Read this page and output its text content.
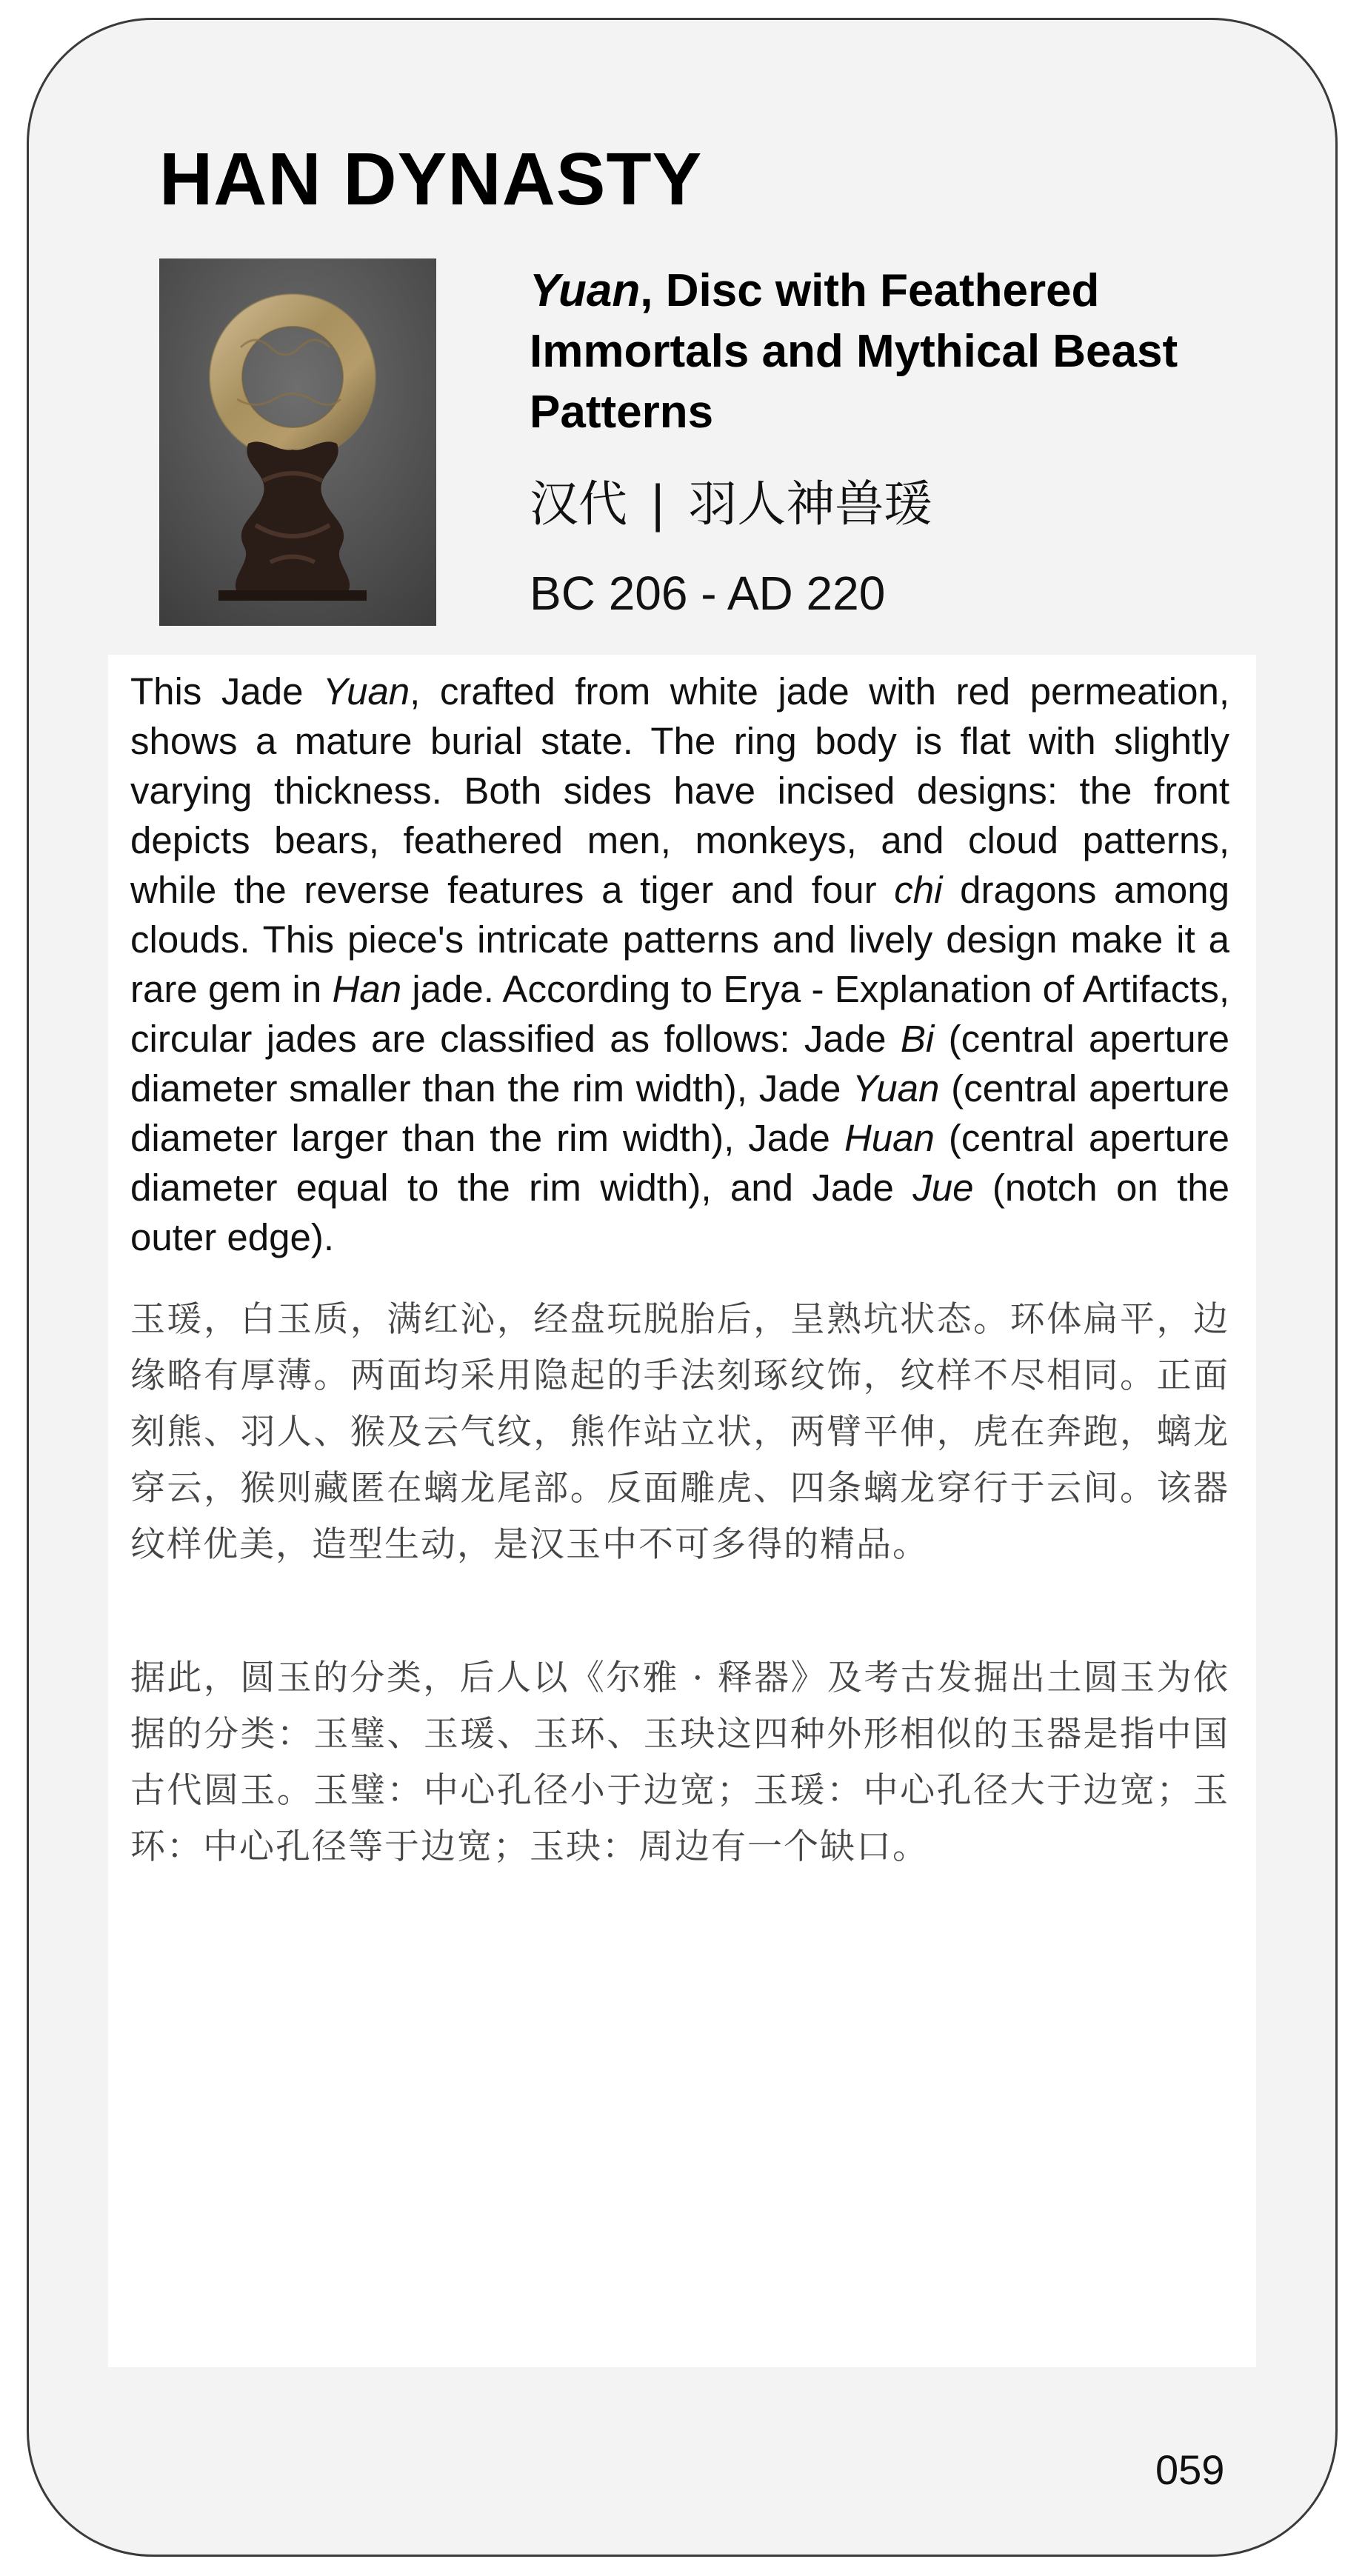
HAN DYNASTY
Yuan, Disc with Feathered Immortals and Mythical Beast Patterns
汉代 | 羽人神兽瑗
BC 206 - AD 220

This Jade Yuan, crafted from white jade with red permeation, shows a mature burial state. The ring body is flat with slightly varying thickness. Both sides have incised designs: the front depicts bears, feathered men, monkeys, and cloud patterns, while the reverse features a tiger and four chi dragons among clouds. This piece's intricate patterns and lively design make it a rare gem in Han jade. According to Erya - Explanation of Artifacts, circular jades are classified as follows: Jade Bi (central aperture diameter smaller than the rim width), Jade Yuan (central aperture diameter larger than the rim width), Jade Huan (central aperture diameter equal to the rim width), and Jade Jue (notch on the outer edge).

玉瑗，白玉质，满红沁，经盘玩脱胎后，呈熟坑状态。环体扁平，边缘略有厚薄。两面均采用隐起的手法刻琢纹饰，纹样不尽相同。正面刻熊、羽人、猴及云气纹，熊作站立状，两臂平伸，虎在奔跑，螭龙穿云，猴则藏匿在螭龙尾部。反面雕虎、四条螭龙穿行于云间。该器纹样优美，造型生动，是汉玉中不可多得的精品。

据此，圆玉的分类，后人以《尔雅 · 释器》及考古发掘出土圆玉为依据的分类：玉璧、玉瑗、玉环、玉玦这四种外形相似的玉器是指中国古代圆玉。玉璧：中心孔径小于边宽；玉瑗：中心孔径大于边宽；玉环：中心孔径等于边宽；玉玦：周边有一个缺口。

059
